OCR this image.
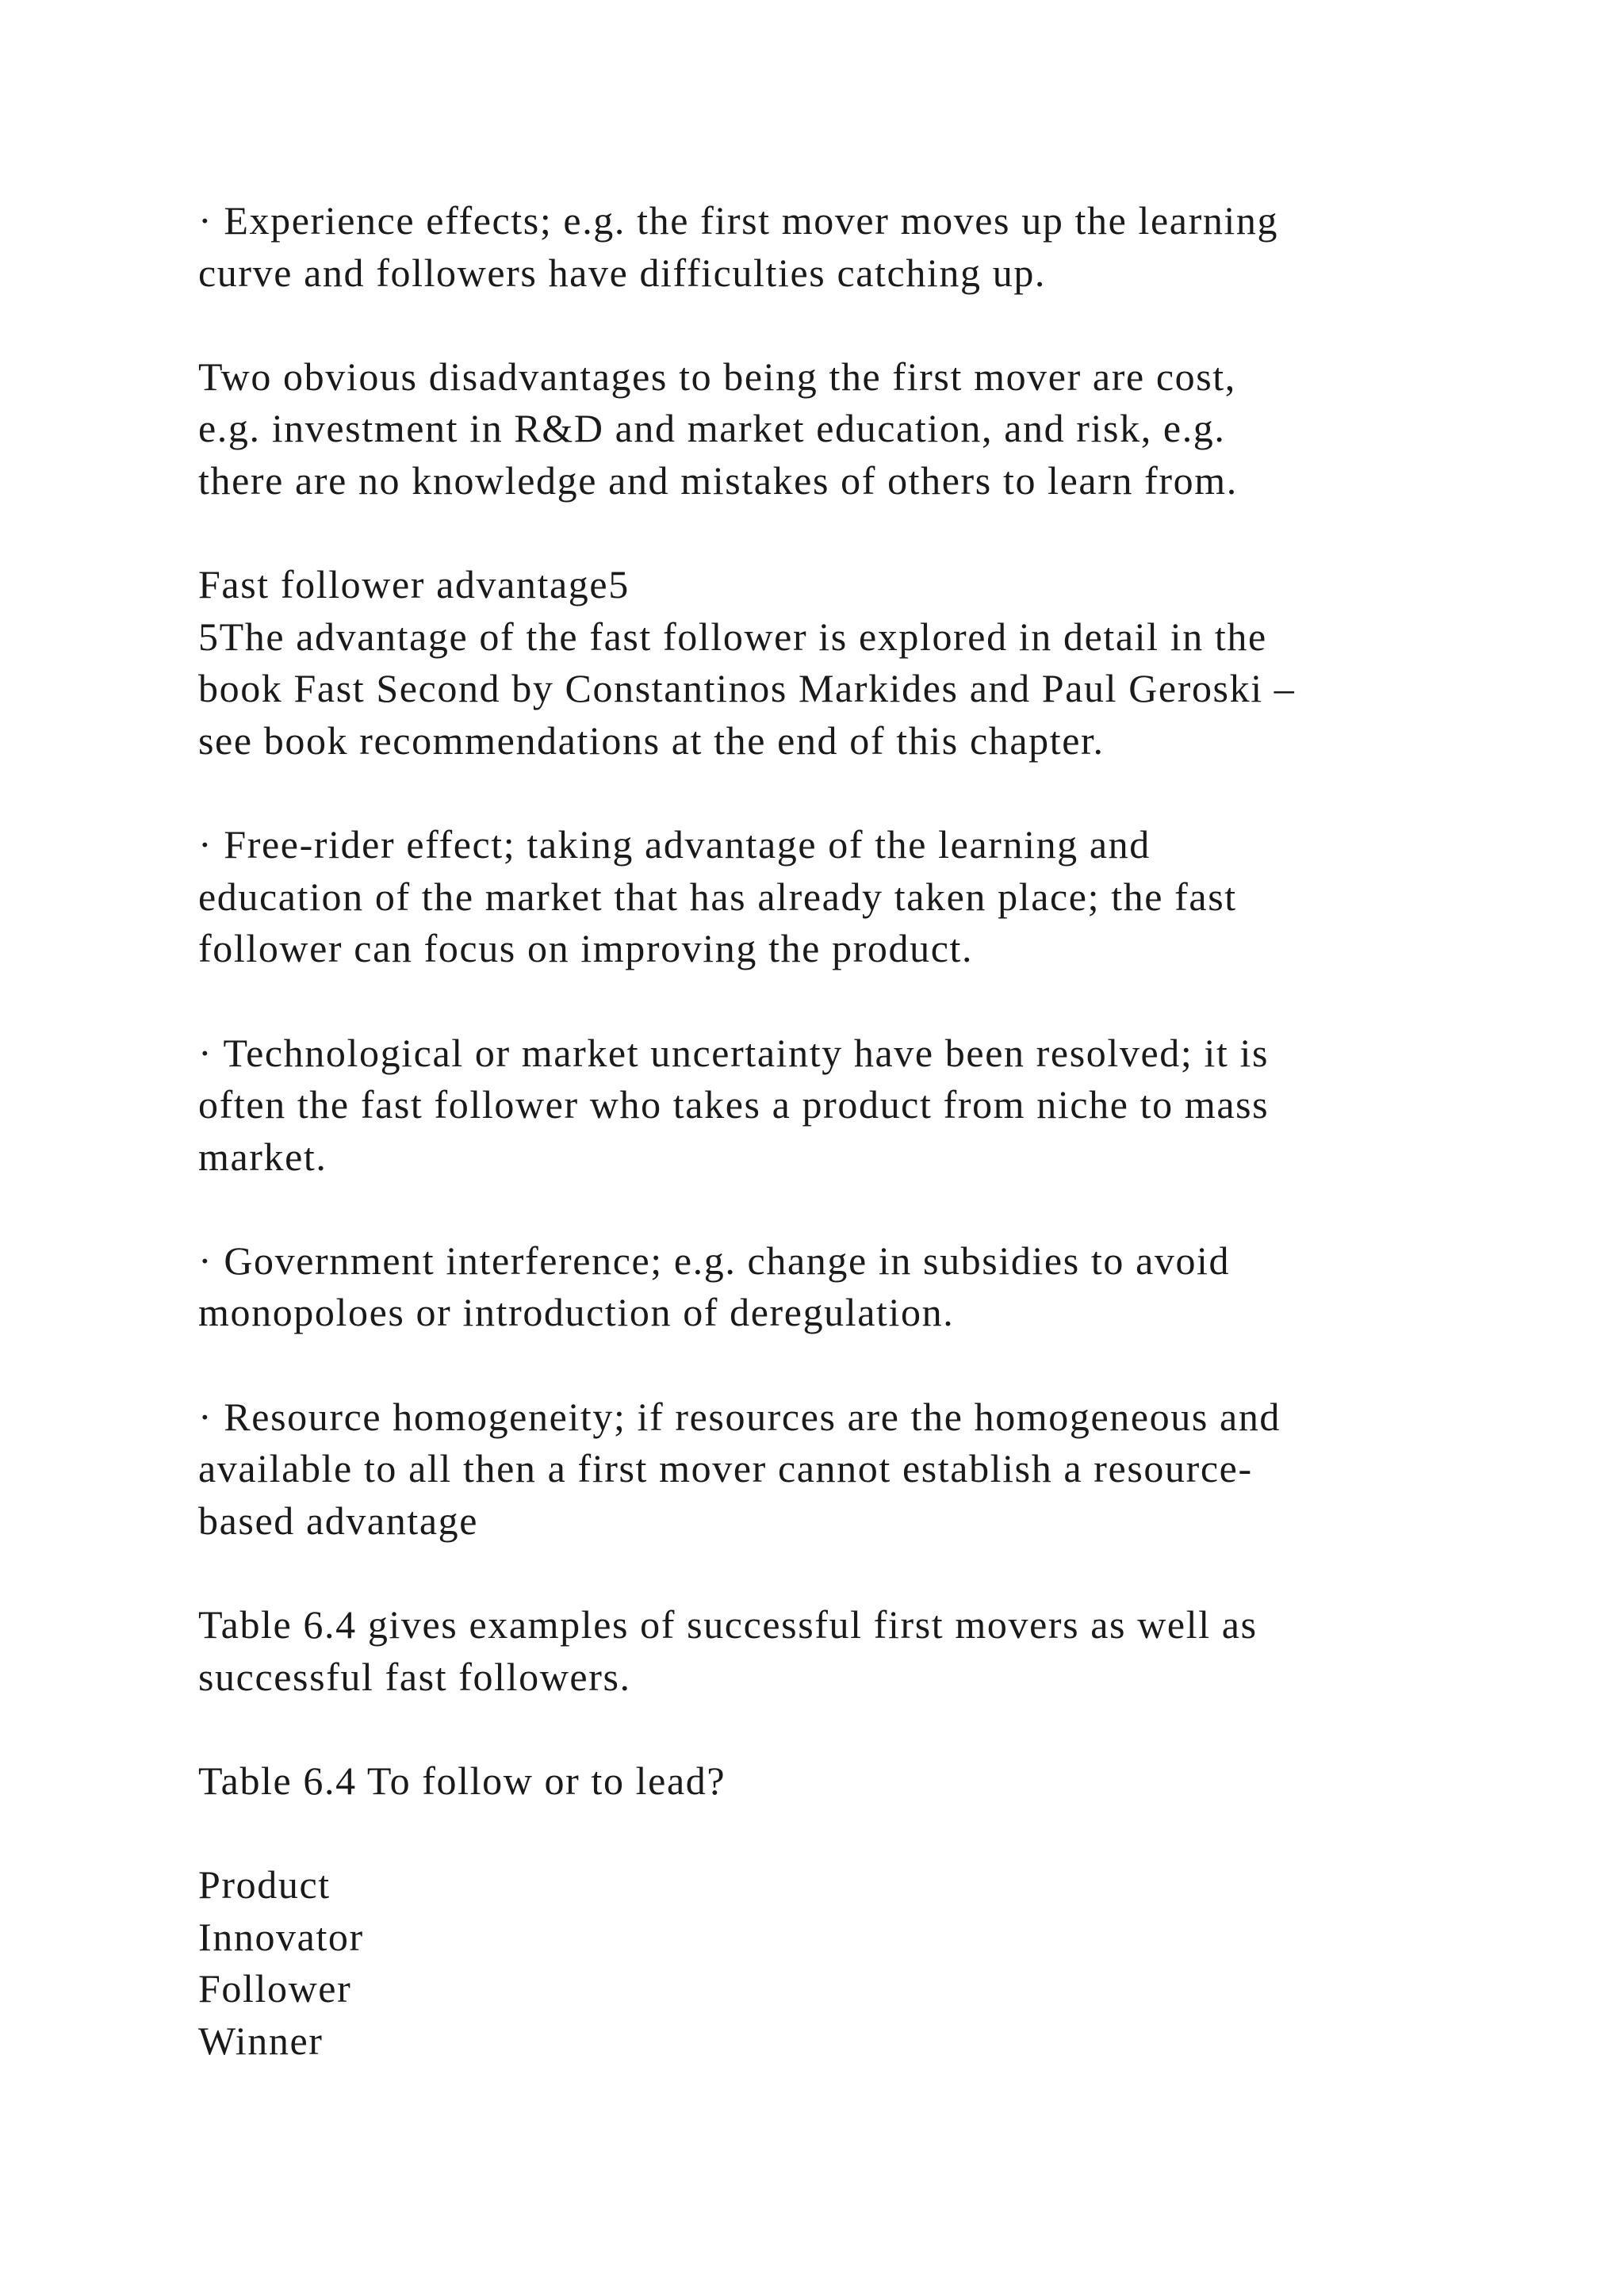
· Experience effects; e.g. the first mover moves up the learning
curve and followers have difficulties catching up.
Two obvious disadvantages to being the first mover are cost,
e.g. investment in R&D and market education, and risk, e.g.
there are no knowledge and mistakes of others to learn from.
Fast follower advantage5
5The advantage of the fast follower is explored in detail in the
book Fast Second by Constantinos Markides and Paul Geroski –
see book recommendations at the end of this chapter.
· Free-rider effect; taking advantage of the learning and
education of the market that has already taken place; the fast
follower can focus on improving the product.
· Technological or market uncertainty have been resolved; it is
often the fast follower who takes a product from niche to mass
market.
· Government interference; e.g. change in subsidies to avoid
monopoloes or introduction of deregulation.
· Resource homogeneity; if resources are the homogeneous and
available to all then a first mover cannot establish a resource-
based advantage
Table 6.4 gives examples of successful first movers as well as
successful fast followers.
Table 6.4 To follow or to lead?
Product
Innovator
Follower
Winner
